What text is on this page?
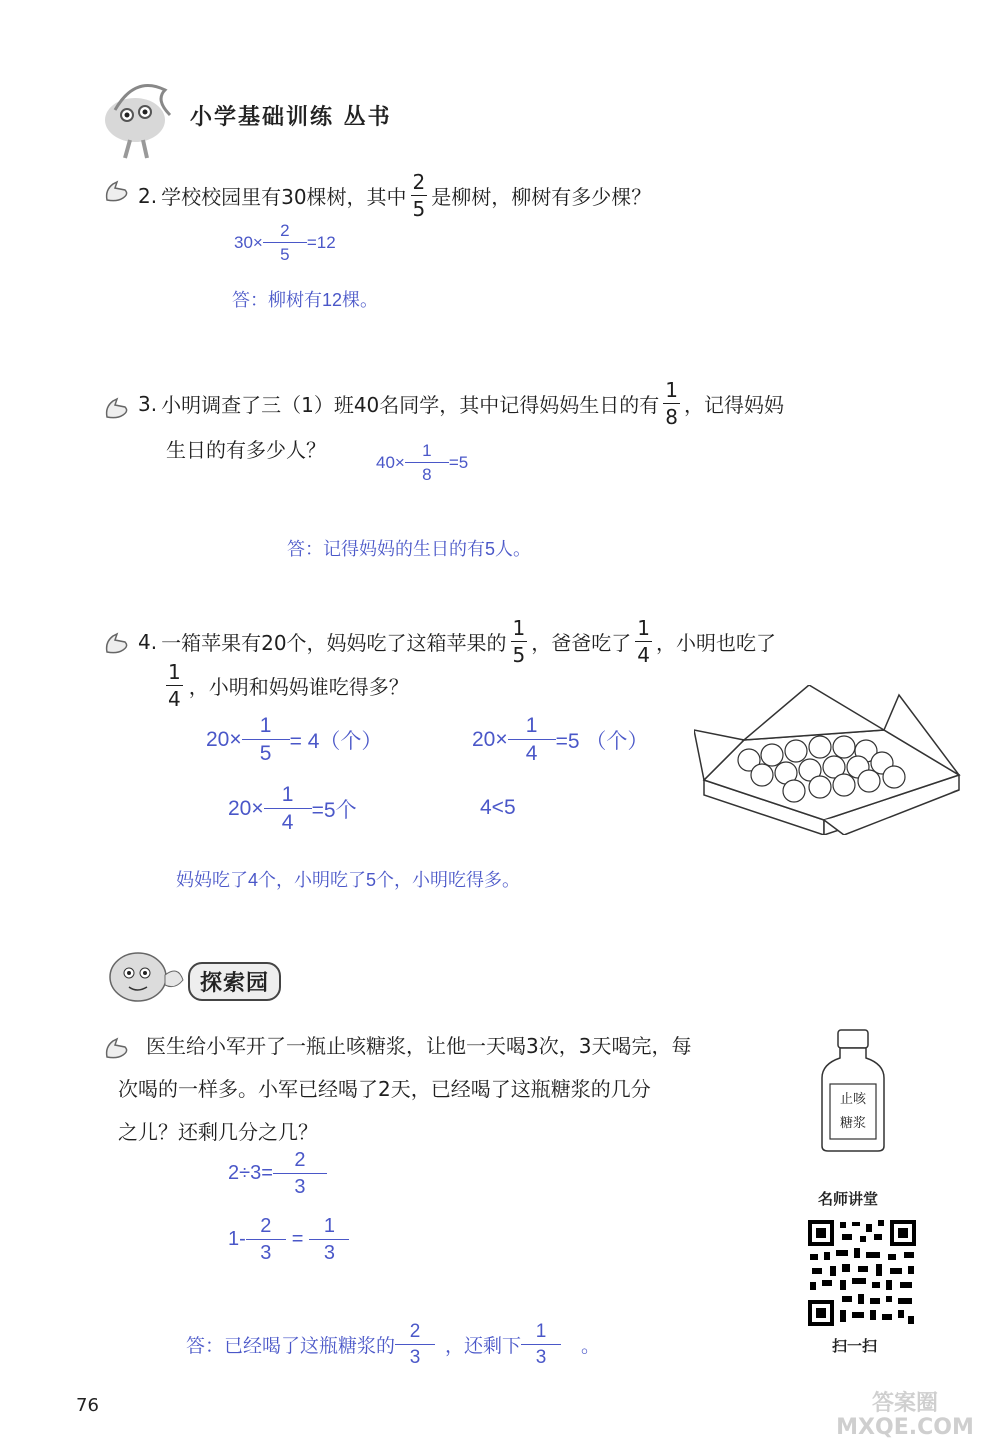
小学基础训练 丛书
2. 学校校园里有30棵树，其中 $\frac{2}{5}$ 是柳树，柳树有多少棵？
$30\times \frac{2}{5} =12$
答：柳树有12棵。
3. 小明调查了三（1）班40名同学，其中记得妈妈生日的有 $\frac{1}{8}$ ，记得妈妈
生日的有多少人？	$40\times \frac{1}{8} =5$
答：记得妈妈的生日的有5人。
4. 一箱苹果有20个，妈妈吃了这箱苹果的 $\frac{1}{5}$ ，爸爸吃了 $\frac{1}{4}$ ，小明也吃了
$\frac{1}{4}$ ，小明和妈妈谁吃得多？
$20\times \frac{1}{5} = 4$（个）	$20\times \frac{1}{4} =5$ （个）
$20\times \frac{1}{4} =5$个	4<5
妈妈吃了4个，小明吃了5个，小明吃得多。
探索园
医生给小军开了一瓶止咳糖浆，让他一天喝3次，3天喝完，每
次喝的一样多。小军已经喝了2天，已经喝了这瓶糖浆的几分
之儿？还剩几分之几？
止咳
糖浆
$2\div 3= \frac{2}{3}$
$1- \frac{2}{3} = \frac{1}{3}$
答：已经喝了这瓶糖浆的 $\frac{2}{3}$ ，还剩下 $\frac{1}{3}$	。
名师讲堂
扫一扫
76	答案圈 MXQE.COM
